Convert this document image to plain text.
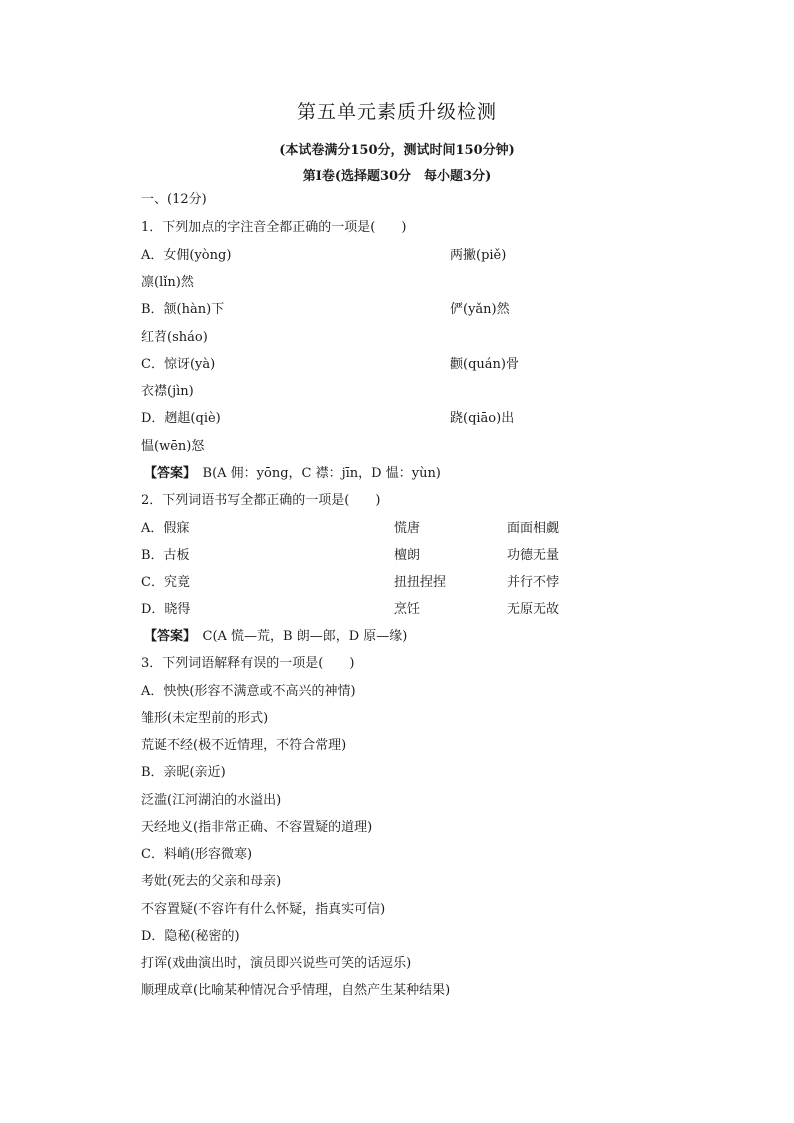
第五单元素质升级检测
(本试卷满分150分，测试时间150分钟)
第Ⅰ卷(选择题30分　每小题3分)
一、(12分)
1．下列加点的字注音全都正确的一项是(　　)
A．女佣(yòng)	两撇(piě)
凛(lǐn)然
B．颔(hàn)下	俨(yǎn)然
红苕(sháo)
C．惊讶(yà)	颧(quán)骨
衣襟(jìn)
D．趔趄(qiè)	跷(qiāo)出
愠(wēn)怒
【答案】　B(A 佣：yōng，C 襟：jīn，D 愠：yùn)
2．下列词语书写全都正确的一项是(　　)
A．假寐	慌唐	面面相觑
B．古板	檀朗	功德无量
C．究竟	扭扭捏捏	并行不悖
D．晓得	烹饪	无原无故
【答案】　C(A 慌—荒，B 朗—郎，D 原—缘)
3．下列词语解释有误的一项是(　　)
A．怏怏(形容不满意或不高兴的神情)
雏形(未定型前的形式)
荒诞不经(极不近情理，不符合常理)
B．亲昵(亲近)
泛滥(江河湖泊的水溢出)
天经地义(指非常正确、不容置疑的道理)
C．料峭(形容微寒)
考妣(死去的父亲和母亲)
不容置疑(不容许有什么怀疑，指真实可信)
D．隐秘(秘密的)
打诨(戏曲演出时，演员即兴说些可笑的话逗乐)
顺理成章(比喻某种情况合乎情理，自然产生某种结果)
